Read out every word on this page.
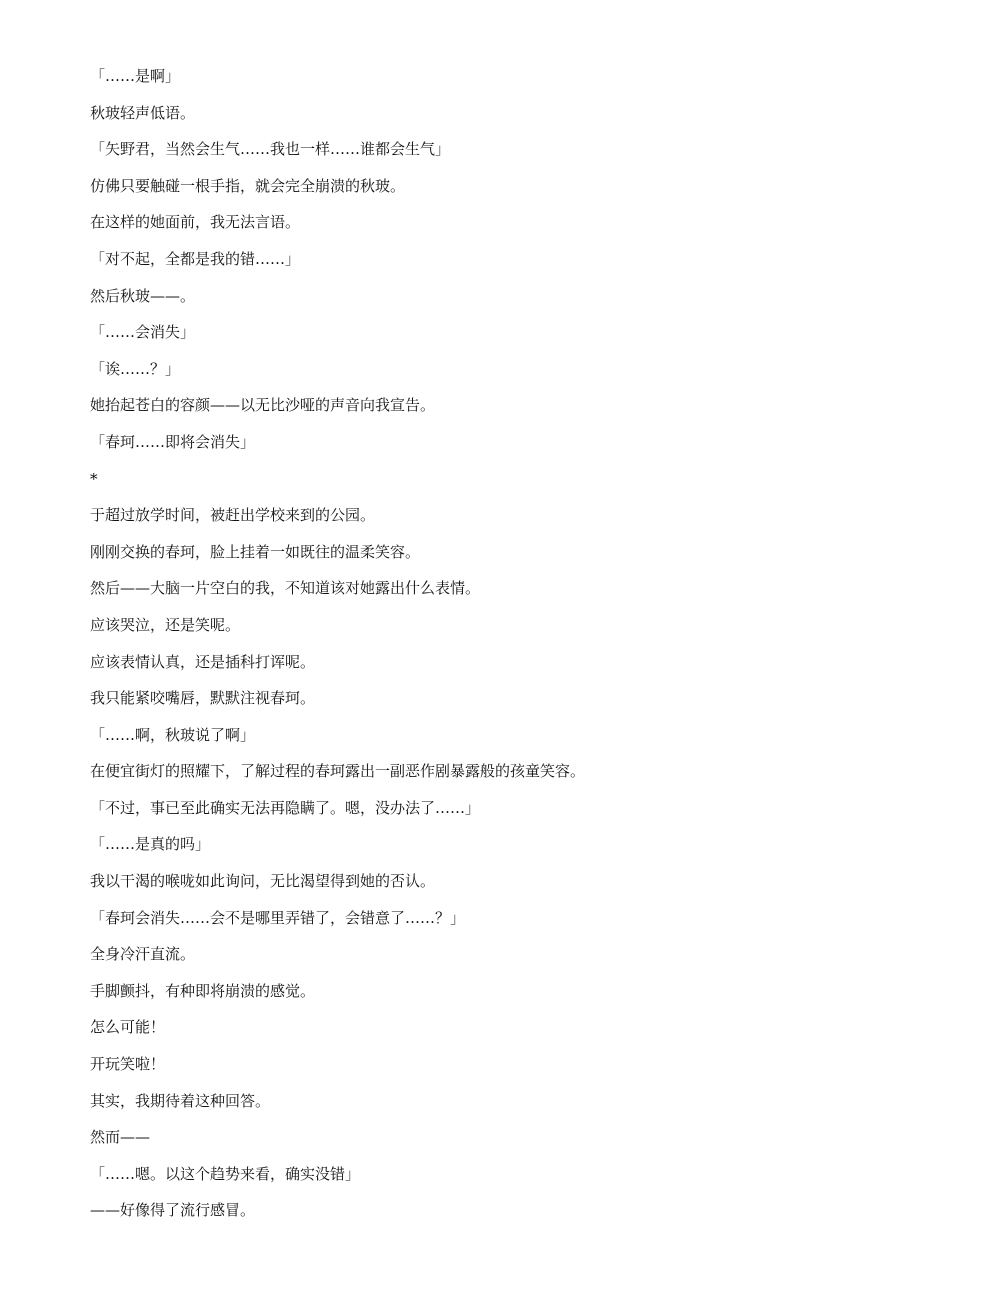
「……是啊」
秋玻轻声低语。
「矢野君，当然会生气……我也一样……谁都会生气」
仿佛只要触碰一根手指，就会完全崩溃的秋玻。
在这样的她面前，我无法言语。
「对不起，全都是我的错……」
然后秋玻——。
「……会消失」
「诶……？」
她抬起苍白的容颜——以无比沙哑的声音向我宣告。
「春珂……即将会消失」
*
于超过放学时间，被赶出学校来到的公园。
刚刚交换的春珂，脸上挂着一如既往的温柔笑容。
然后——大脑一片空白的我，不知道该对她露出什么表情。
应该哭泣，还是笑呢。
应该表情认真，还是插科打诨呢。
我只能紧咬嘴唇，默默注视春珂。
「……啊，秋玻说了啊」
在便宜街灯的照耀下，了解过程的春珂露出一副恶作剧暴露般的孩童笑容。
「不过，事已至此确实无法再隐瞒了。嗯，没办法了……」
「……是真的吗」
我以干渴的喉咙如此询问，无比渴望得到她的否认。
「春珂会消失……会不是哪里弄错了，会错意了……？」
全身冷汗直流。
手脚颤抖，有种即将崩溃的感觉。
怎么可能！
开玩笑啦！
其实，我期待着这种回答。
然而——
「……嗯。以这个趋势来看，确实没错」
——好像得了流行感冒。
